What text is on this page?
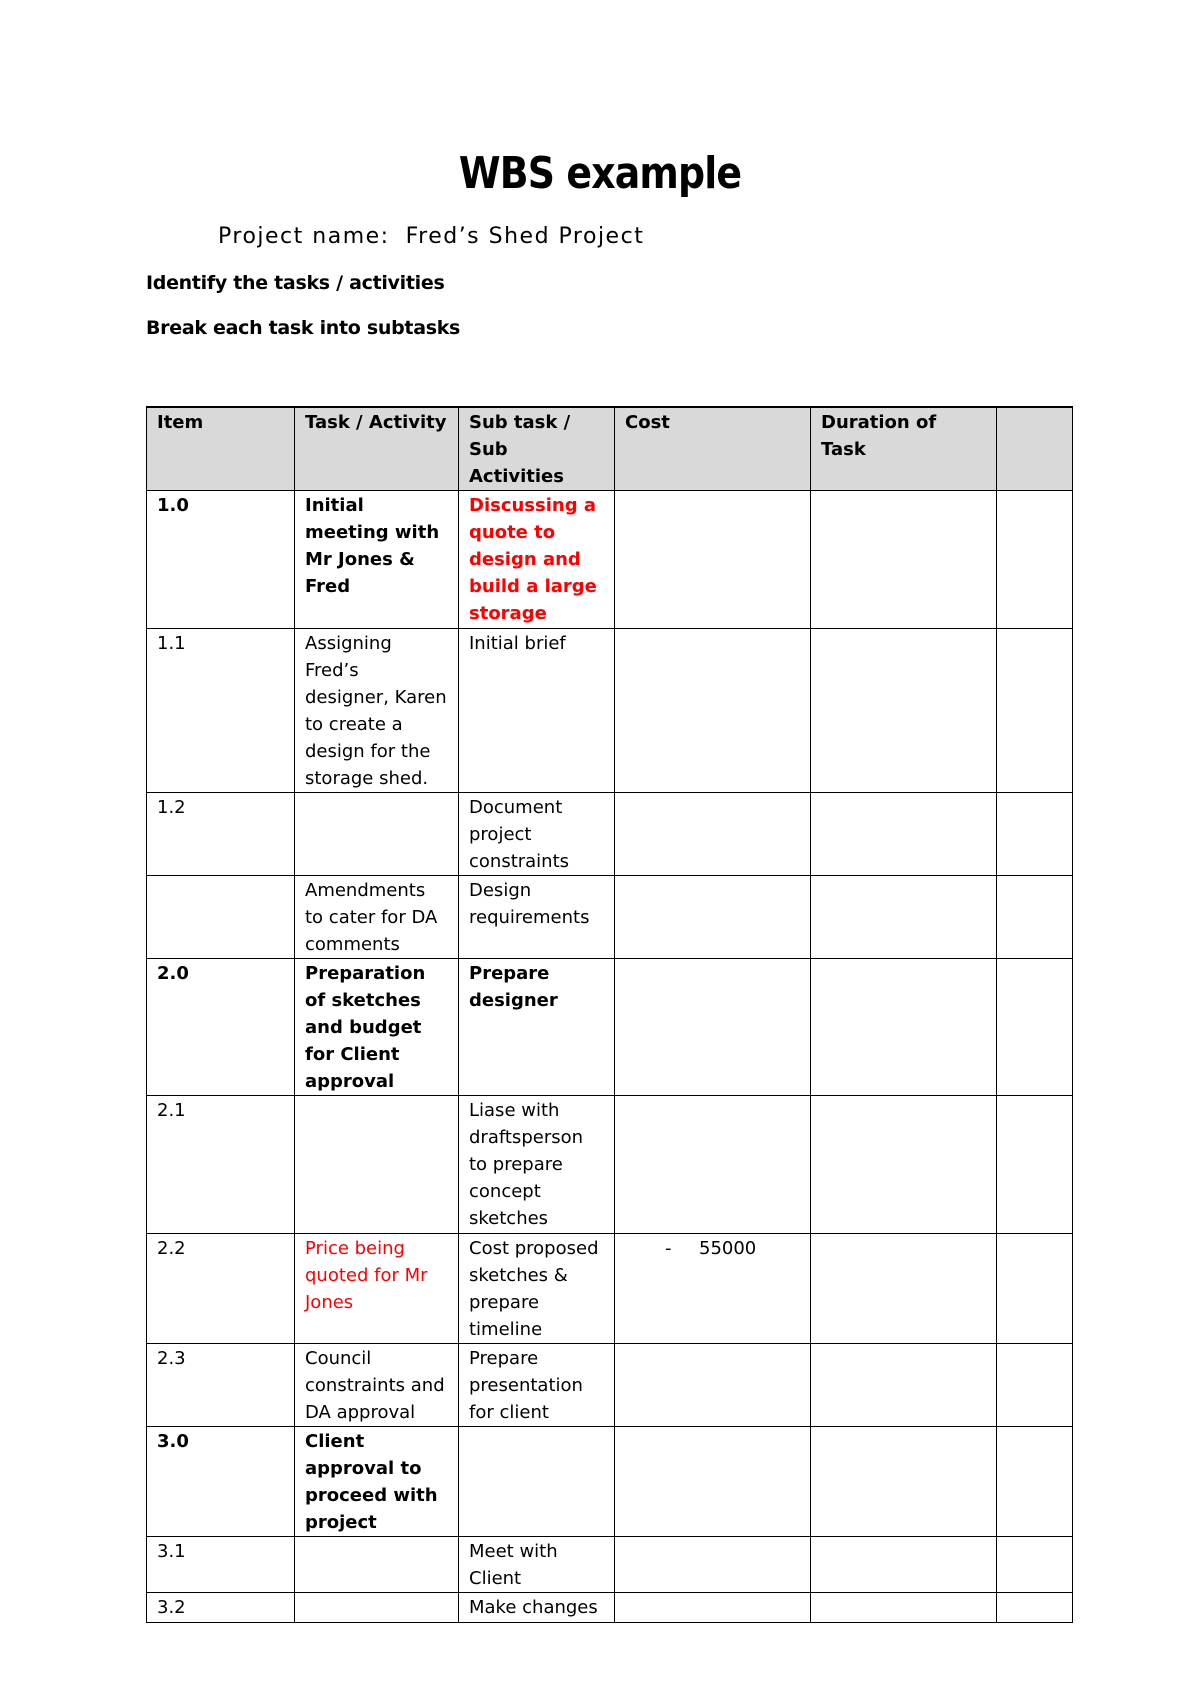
WBS example
Project name: Fred’s Shed Project
Identify the tasks / activities
Break each task into subtasks
Item	Task / Activity	Sub task / Sub Activities	Cost	Duration of Task	
1.0	Initial meeting with Mr Jones & Fred	Discussing a quote to design and build a large storage			
1.1	Assigning Fred’s designer, Karen to create a design for the storage shed.	Initial brief			
1.2		Document project constraints			
	Amendments to cater for DA comments	Design requirements			
2.0	Preparation of sketches and budget for Client approval	Prepare designer			
2.1		Liase with draftsperson to prepare concept sketches			
2.2	Price being quoted for Mr Jones	Cost proposed sketches & prepare timeline	- 55000		
2.3	Council constraints and DA approval	Prepare presentation for client			
3.0	Client approval to proceed with project				
3.1		Meet with Client			
3.2		Make changes			
